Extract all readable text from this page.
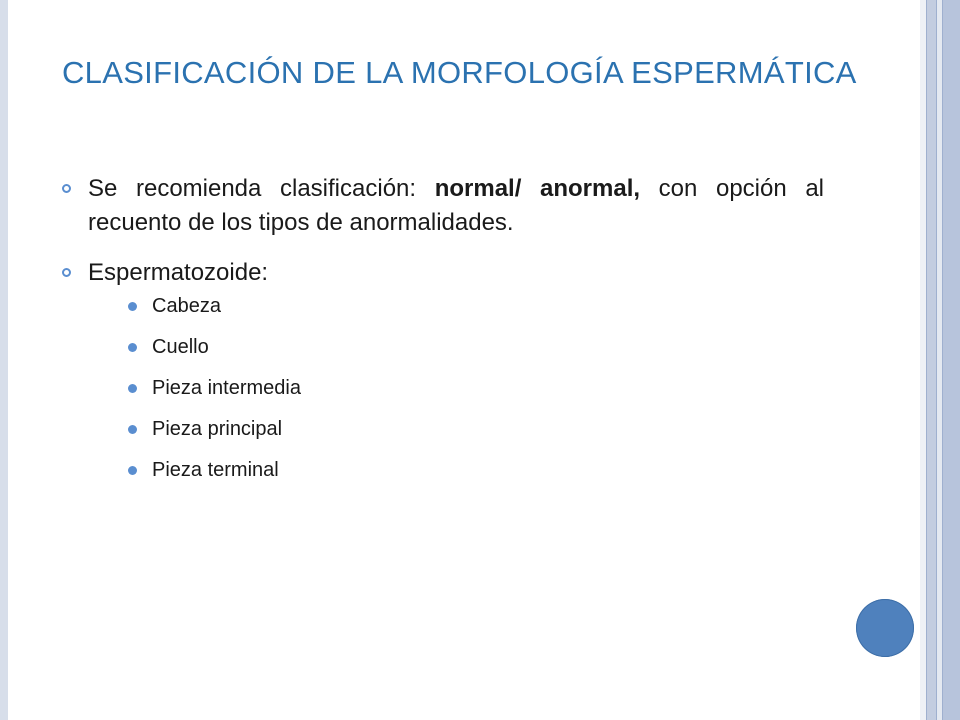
CLASIFICACIÓN DE LA MORFOLOGÍA ESPERMÁTICA
Se recomienda clasificación: normal/ anormal, con opción al recuento de los tipos de anormalidades.
Espermatozoide:
Cabeza
Cuello
Pieza intermedia
Pieza principal
Pieza terminal
